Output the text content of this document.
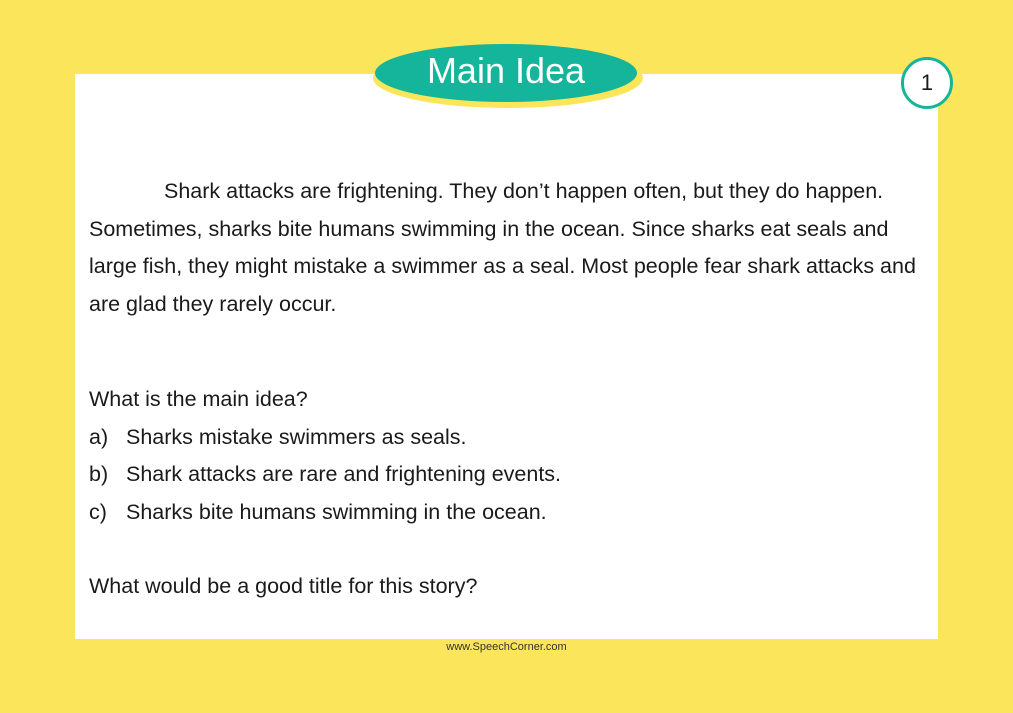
Main Idea	1

Shark attacks are frightening. They don’t happen often, but they do happen. Sometimes, sharks bite humans swimming in the ocean. Since sharks eat seals and large fish, they might mistake a swimmer as a seal. Most people fear shark attacks and are glad they rarely occur.

What is the main idea?

a) Sharks mistake swimmers as seals.
b) Shark attacks are rare and frightening events.
c) Sharks bite humans swimming in the ocean.

What would be a good title for this story?

www.SpeechCorner.com
